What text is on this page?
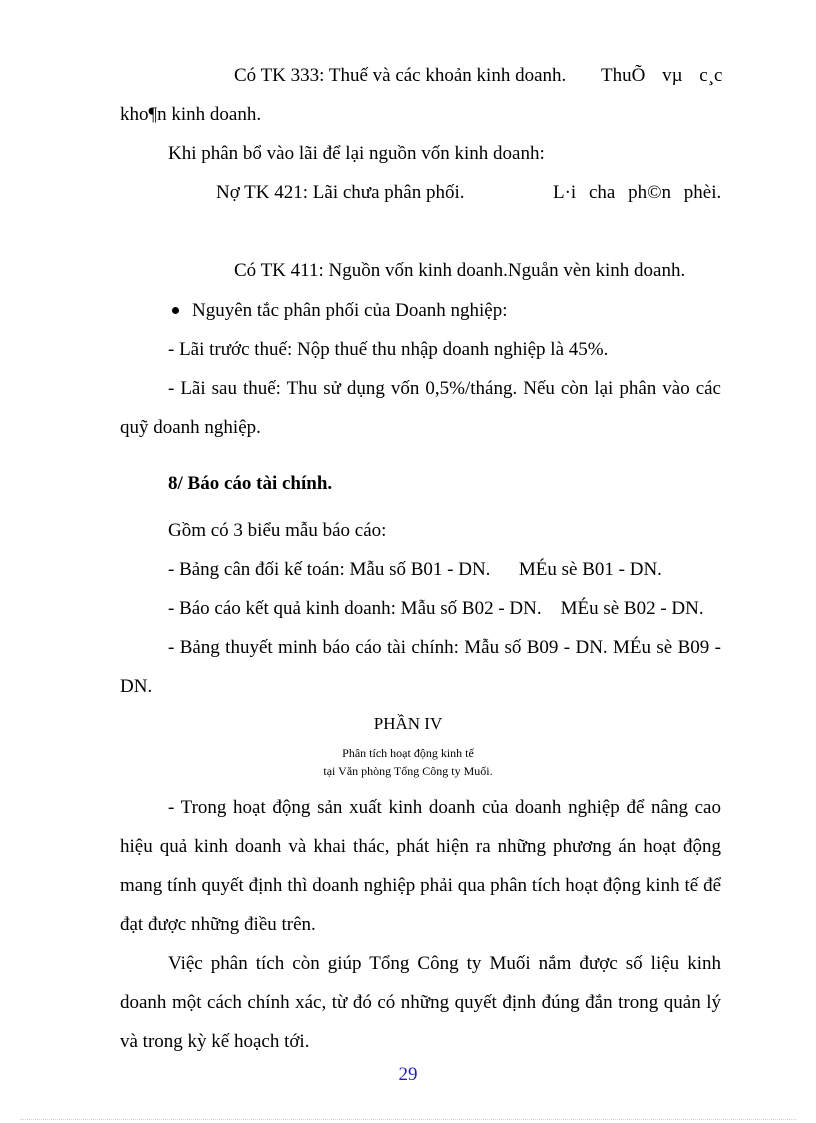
Có TK 333: Thuế và các khoản kinh doanh. ThuÕ vµ c¸c
kho¶n kinh doanh.
Khi phân bổ vào lãi để lại nguồn vốn kinh doanh:
Nợ TK 421: Lãi chưa phân phối.	L·i cha ph©n phèi.
Có TK 411: Nguồn vốn kinh doanh.Nguån vèn kinh doanh.
Nguyên tắc phân phối của Doanh nghiệp:
- Lãi trước thuế: Nộp thuế thu nhập doanh nghiệp là 45%.
- Lãi sau thuế: Thu sử dụng vốn 0,5%/tháng. Nếu còn lại phân vào các
quỹ doanh nghiệp.
8/ Báo cáo tài chính.
Gồm có 3 biểu mẫu báo cáo:
- Bảng cân đối kế toán: Mẫu số B01 - DN.      MÉu sè B01 - DN.
- Báo cáo kết quả kinh doanh: Mẫu số B02 - DN.    MÉu sè B02 - DN.
- Bảng thuyết minh báo cáo tài chính: Mẫu số B09 - DN. MÉu sè B09 -
DN.
PHẦN IV
Phân tích hoạt động kinh tế
tại Văn phòng Tổng Công ty Muối.
- Trong hoạt động sản xuất kinh doanh của doanh nghiệp để nâng cao
hiệu quả kinh doanh và khai thác, phát hiện ra những phương án hoạt động
mang tính quyết định thì doanh nghiệp phải qua phân tích hoạt động kinh tế để
đạt được những điều trên.
Việc phân tích còn giúp Tổng Công ty Muối nắm được số liệu kinh
doanh một cách chính xác, từ đó có những quyết định đúng đắn trong quản lý
và trong kỳ kế hoạch tới.
29
